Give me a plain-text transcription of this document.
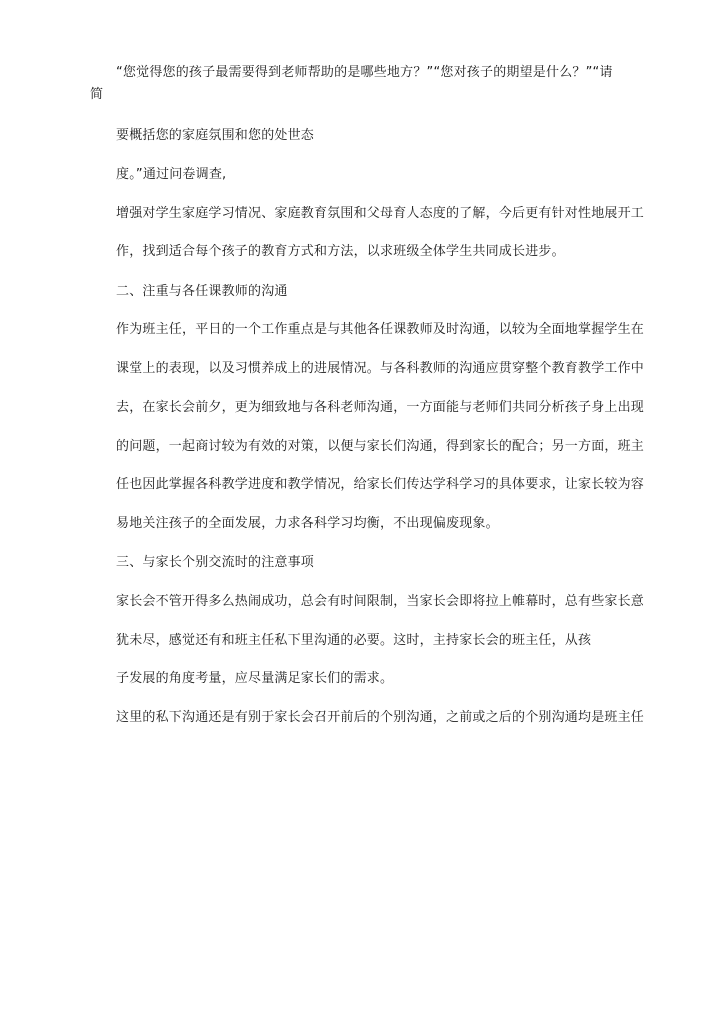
“您觉得您的孩子最需要得到老师帮助的是哪些地方？”“您对孩子的期望是什么？”“请
简
要概括您的家庭氛围和您的处世态
度。”通过问卷调查,
增强对学生家庭学习情况、家庭教育氛围和父母育人态度的了解，今后更有针对性地展开工
作，找到适合每个孩子的教育方式和方法，以求班级全体学生共同成长进步。
二、注重与各任课教师的沟通
作为班主任，平日的一个工作重点是与其他各任课教师及时沟通，以较为全面地掌握学生在
课堂上的表现，以及习惯养成上的进展情况。与各科教师的沟通应贯穿整个教育教学工作中
去，在家长会前夕，更为细致地与各科老师沟通，一方面能与老师们共同分析孩子身上出现
的问题，一起商讨较为有效的对策，以便与家长们沟通，得到家长的配合；另一方面，班主
任也因此掌握各科教学进度和教学情况，给家长们传达学科学习的具体要求，让家长较为容
易地关注孩子的全面发展，力求各科学习均衡，不出现偏废现象。
三、与家长个别交流时的注意事项
家长会不管开得多么热闹成功，总会有时间限制，当家长会即将拉上帷幕时，总有些家长意
犹未尽，感觉还有和班主任私下里沟通的必要。这时，主持家长会的班主任，从孩
子发展的角度考量，应尽量满足家长们的需求。
这里的私下沟通还是有别于家长会召开前后的个别沟通，之前或之后的个别沟通均是班主任
